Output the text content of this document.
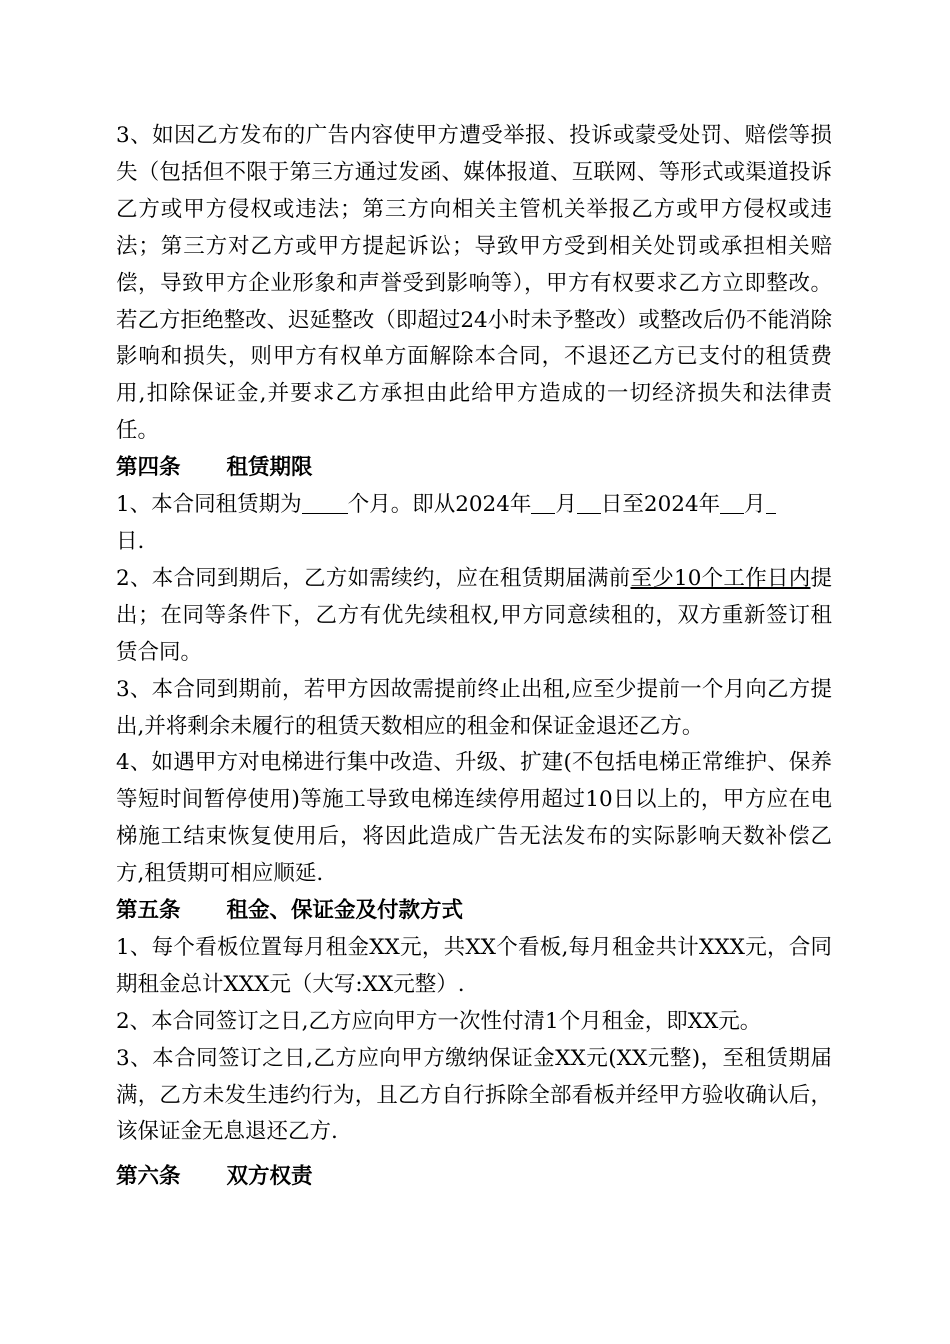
3、如因乙方发布的广告内容使甲方遭受举报、投诉或蒙受处罚、赔偿等损失（包括但不限于第三方通过发函、媒体报道、互联网、等形式或渠道投诉乙方或甲方侵权或违法；第三方向相关主管机关举报乙方或甲方侵权或违法；第三方对乙方或甲方提起诉讼；导致甲方受到相关处罚或承担相关赔偿，导致甲方企业形象和声誉受到影响等），甲方有权要求乙方立即整改。若乙方拒绝整改、迟延整改（即超过24小时未予整改）或整改后仍不能消除影响和损失，则甲方有权单方面解除本合同，不退还乙方已支付的租赁费用,扣除保证金,并要求乙方承担由此给甲方造成的一切经济损失和法律责任。

第四条 租赁期限

1、本合同租赁期为 个月。即从2024年 月 日至2024年 月
日.

2、本合同到期后，乙方如需续约，应在租赁期届满前至少10个工作日内提出；在同等条件下，乙方有优先续租权,甲方同意续租的，双方重新签订租赁合同。

3、本合同到期前，若甲方因故需提前终止出租,应至少提前一个月向乙方提出,并将剩余未履行的租赁天数相应的租金和保证金退还乙方。

4、如遇甲方对电梯进行集中改造、升级、扩建(不包括电梯正常维护、保养等短时间暂停使用)等施工导致电梯连续停用超过10日以上的，甲方应在电梯施工结束恢复使用后，将因此造成广告无法发布的实际影响天数补偿乙方,租赁期可相应顺延.

第五条 租金、保证金及付款方式

1、每个看板位置每月租金XX元，共XX个看板,每月租金共计XXX元，合同期租金总计XXX元（大写:XX元整）.

2、本合同签订之日,乙方应向甲方一次性付清1个月租金，即XX元。

3、本合同签订之日,乙方应向甲方缴纳保证金XX元(XX元整)，至租赁期届满，乙方未发生违约行为，且乙方自行拆除全部看板并经甲方验收确认后，该保证金无息退还乙方.

第六条 双方权责
